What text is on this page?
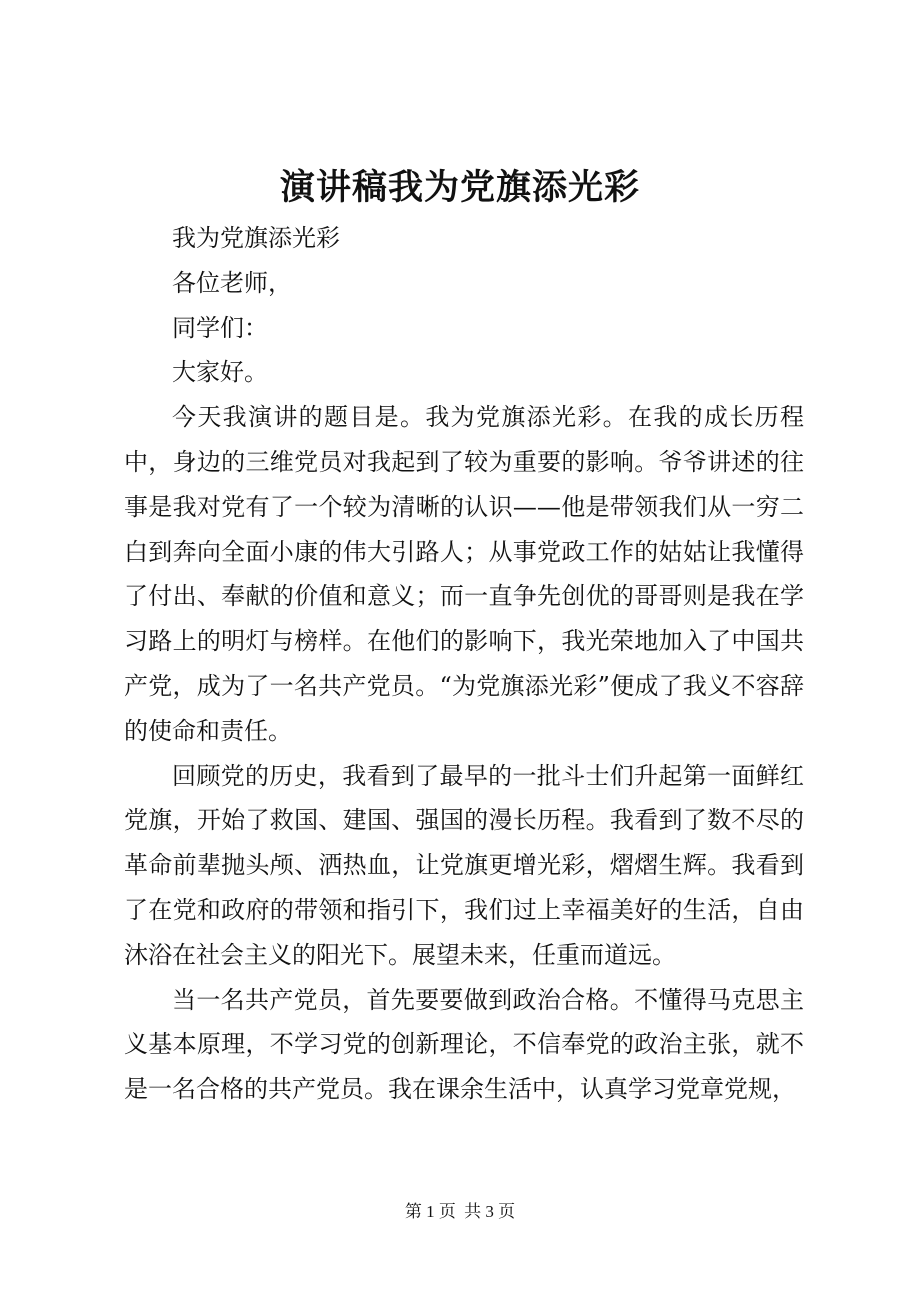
演讲稿我为党旗添光彩

我为党旗添光彩

各位老师，

同学们：

大家好。

今天我演讲的题目是。我为党旗添光彩。在我的成长历程中，身边的三维党员对我起到了较为重要的影响。爷爷讲述的往事是我对党有了一个较为清晰的认识——他是带领我们从一穷二白到奔向全面小康的伟大引路人；从事党政工作的姑姑让我懂得了付出、奉献的价值和意义；而一直争先创优的哥哥则是我在学习路上的明灯与榜样。在他们的影响下，我光荣地加入了中国共产党，成为了一名共产党员。“为党旗添光彩”便成了我义不容辞的使命和责任。

回顾党的历史，我看到了最早的一批斗士们升起第一面鲜红党旗，开始了救国、建国、强国的漫长历程。我看到了数不尽的革命前辈抛头颅、洒热血，让党旗更增光彩，熠熠生辉。我看到了在党和政府的带领和指引下，我们过上幸福美好的生活，自由沐浴在社会主义的阳光下。展望未来，任重而道远。

当一名共产党员，首先要要做到政治合格。不懂得马克思主义基本原理，不学习党的创新理论，不信奉党的政治主张，就不是一名合格的共产党员。我在课余生活中，认真学习党章党规，

第 1 页 共 3 页
